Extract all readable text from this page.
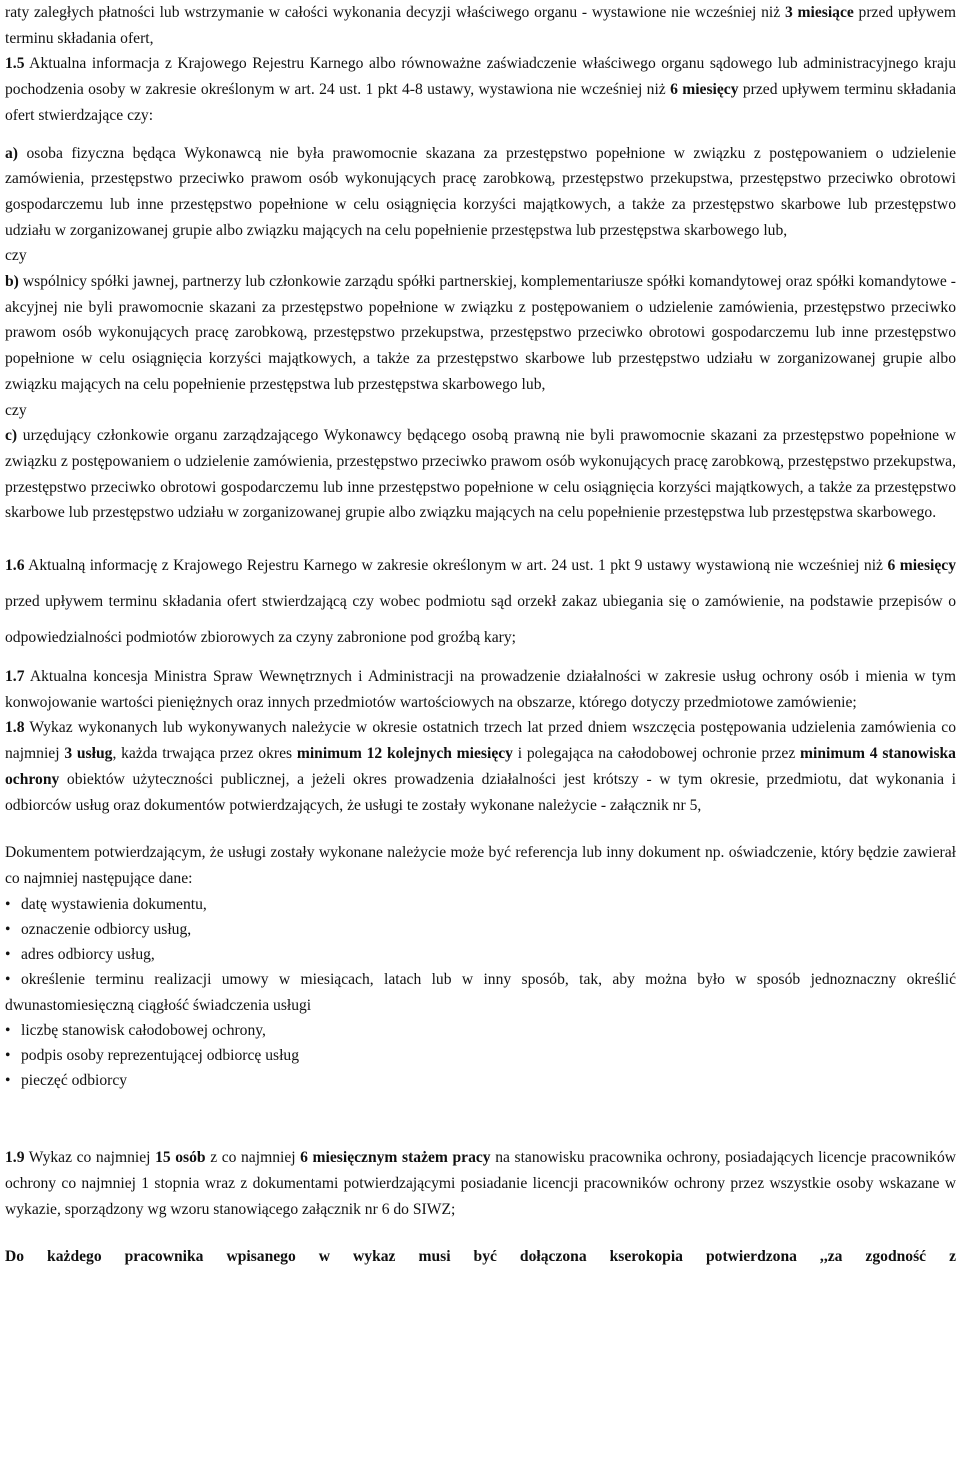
raty zaległych płatności lub wstrzymanie w całości wykonania decyzji właściwego organu - wystawione nie wcześniej niż 3 miesiące przed upływem terminu składania ofert,

1.5 Aktualna informacja z Krajowego Rejestru Karnego albo równoważne zaświadczenie właściwego organu sądowego lub administracyjnego kraju pochodzenia osoby w zakresie określonym w art. 24 ust. 1 pkt 4-8 ustawy, wystawiona nie wcześniej niż 6 miesięcy przed upływem terminu składania ofert stwierdzające czy:

a) osoba fizyczna będąca Wykonawcą nie była prawomocnie skazana za przestępstwo popełnione w związku z postępowaniem o udzielenie zamówienia, przestępstwo przeciwko prawom osób wykonujących pracę zarobkową, przestępstwo przekupstwa, przestępstwo przeciwko obrotowi gospodarczemu lub inne przestępstwo popełnione w celu osiągnięcia korzyści majątkowych, a także za przestępstwo skarbowe lub przestępstwo udziału w zorganizowanej grupie albo związku mających na celu popełnienie przestępstwa lub przestępstwa skarbowego lub,
czy

b) wspólnicy spółki jawnej, partnerzy lub członkowie zarządu spółki partnerskiej, komplementariusze spółki komandytowej oraz spółki komandytowe - akcyjnej nie byli prawomocnie skazani za przestępstwo popełnione w związku z postępowaniem o udzielenie zamówienia, przestępstwo przeciwko prawom osób wykonujących pracę zarobkową, przestępstwo przekupstwa, przestępstwo przeciwko obrotowi gospodarczemu lub inne przestępstwo popełnione w celu osiągnięcia korzyści majątkowych, a także za przestępstwo skarbowe lub przestępstwo udziału w zorganizowanej grupie albo związku mających na celu popełnienie przestępstwa lub przestępstwa skarbowego lub,
czy

c) urzędujący członkowie organu zarządzającego Wykonawcy będącego osobą prawną nie byli prawomocnie skazani za przestępstwo popełnione w związku z postępowaniem o udzielenie zamówienia, przestępstwo przeciwko prawom osób wykonujących pracę zarobkową, przestępstwo przekupstwa, przestępstwo przeciwko obrotowi gospodarczemu lub inne przestępstwo popełnione w celu osiągnięcia korzyści majątkowych, a także za przestępstwo skarbowe lub przestępstwo udziału w zorganizowanej grupie albo związku mających na celu popełnienie przestępstwa lub przestępstwa skarbowego.

1.6 Aktualną informację z Krajowego Rejestru Karnego w zakresie określonym w art. 24 ust. 1 pkt 9 ustawy wystawioną nie wcześniej niż 6 miesięcy przed upływem terminu składania ofert stwierdzającą czy wobec podmiotu sąd orzekł zakaz ubiegania się o zamówienie, na podstawie przepisów o odpowiedzialności podmiotów zbiorowych za czyny zabronione pod groźbą kary;

1.7 Aktualna koncesja Ministra Spraw Wewnętrznych i Administracji na prowadzenie działalności w zakresie usług ochrony osób i mienia w tym konwojowanie wartości pieniężnych oraz innych przedmiotów wartościowych na obszarze, którego dotyczy przedmiotowe zamówienie;

1.8 Wykaz wykonanych lub wykonywanych należycie w okresie ostatnich trzech lat przed dniem wszczęcia postępowania udzielenia zamówienia co najmniej 3 usług, każda trwająca przez okres minimum 12 kolejnych miesięcy i polegająca na całodobowej ochronie przez minimum 4 stanowiska ochrony obiektów użyteczności publicznej, a jeżeli okres prowadzenia działalności jest krótszy - w tym okresie, przedmiotu, dat wykonania i odbiorców usług oraz dokumentów potwierdzających, że usługi te zostały wykonane należycie - załącznik nr 5,

Dokumentem potwierdzającym, że usługi zostały wykonane należycie może być referencja lub inny dokument np. oświadczenie, który będzie zawierał co najmniej następujące dane:

• datę wystawienia dokumentu,
• oznaczenie odbiorcy usług,
• adres odbiorcy usług,
• określenie terminu realizacji umowy w miesiącach, latach lub w inny sposób, tak, aby można było w sposób jednoznaczny określić dwunastomiesięczną ciągłość świadczenia usługi
• liczbę stanowisk całodobowej ochrony,
• podpis osoby reprezentującej odbiorcę usług
• pieczęć odbiorcy

1.9 Wykaz co najmniej 15 osób z co najmniej 6 miesięcznym stażem pracy na stanowisku pracownika ochrony, posiadających licencje pracowników ochrony co najmniej 1 stopnia wraz z dokumentami potwierdzającymi posiadanie licencji pracowników ochrony przez wszystkie osoby wskazane w wykazie, sporządzony wg wzoru stanowiącego załącznik nr 6 do SIWZ;

Do każdego pracownika wpisanego w wykaz musi być dołączona kserokopia potwierdzona ,,za zgodność z
